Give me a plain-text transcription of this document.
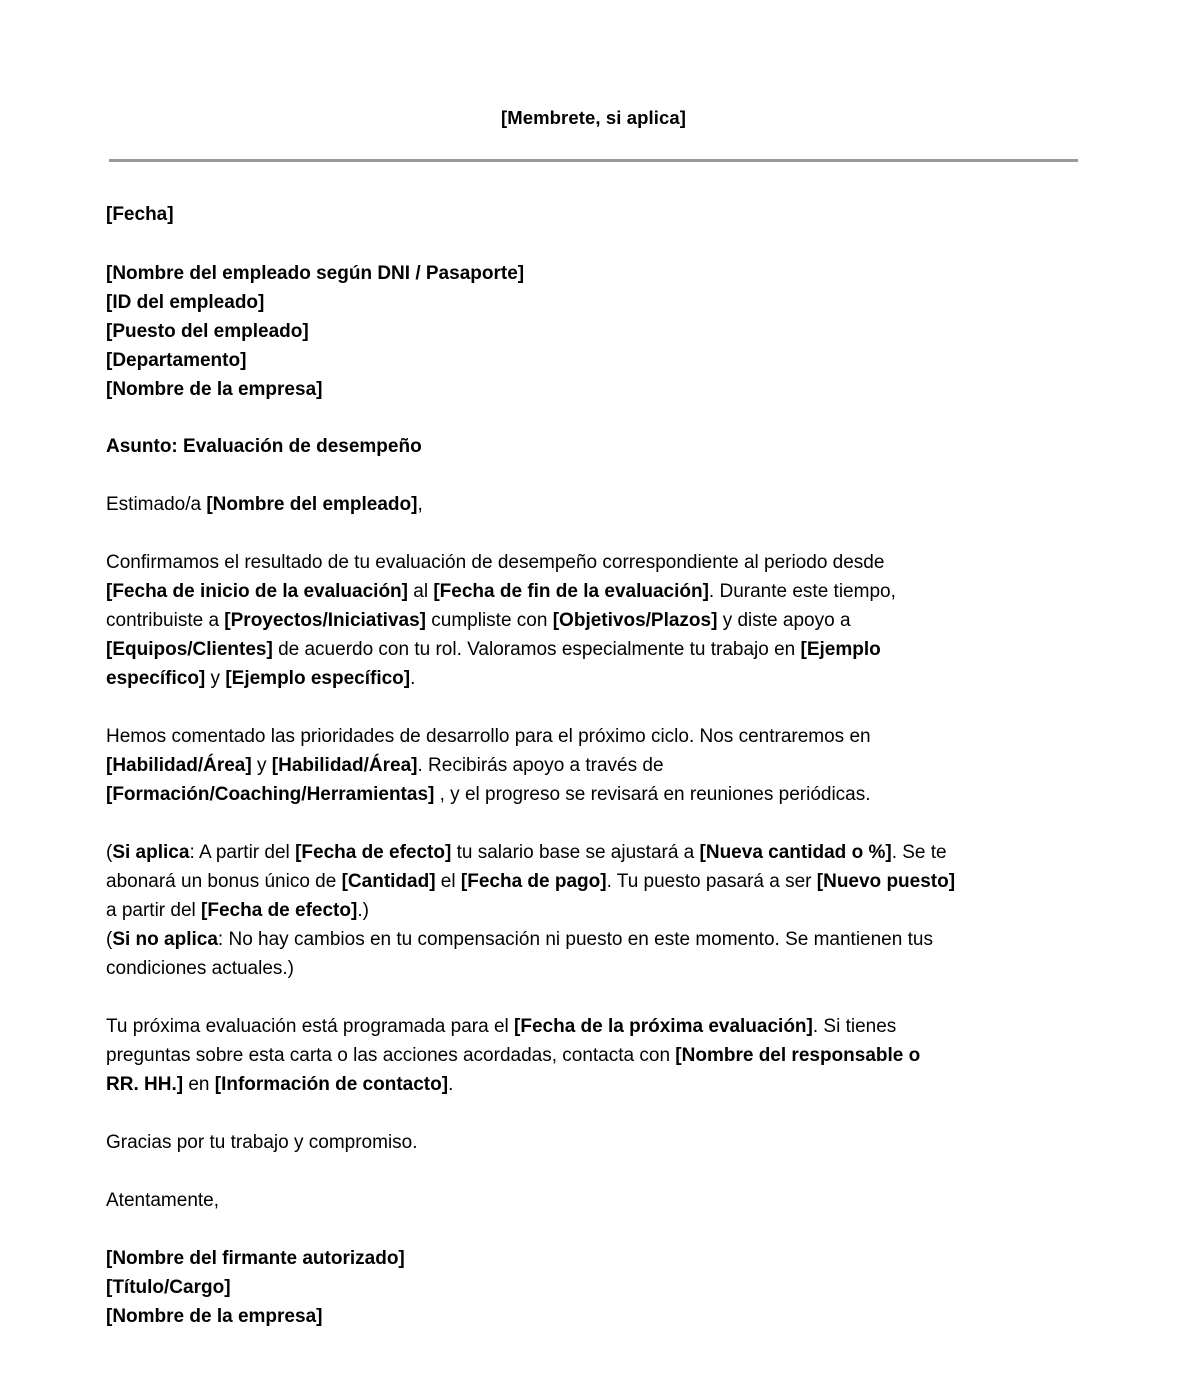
[Membrete, si aplica]

[Fecha]

[Nombre del empleado según DNI / Pasaporte]
[ID del empleado]
[Puesto del empleado]
[Departamento]
[Nombre de la empresa]

Asunto: Evaluación de desempeño

Estimado/a [Nombre del empleado],

Confirmamos el resultado de tu evaluación de desempeño correspondiente al periodo desde
[Fecha de inicio de la evaluación] al [Fecha de fin de la evaluación]. Durante este tiempo,
contribuiste a [Proyectos/Iniciativas] cumpliste con [Objetivos/Plazos] y diste apoyo a
[Equipos/Clientes] de acuerdo con tu rol. Valoramos especialmente tu trabajo en [Ejemplo
específico] y [Ejemplo específico].

Hemos comentado las prioridades de desarrollo para el próximo ciclo. Nos centraremos en
[Habilidad/Área] y [Habilidad/Área]. Recibirás apoyo a través de
[Formación/Coaching/Herramientas] , y el progreso se revisará en reuniones periódicas.

(Si aplica: A partir del [Fecha de efecto] tu salario base se ajustará a [Nueva cantidad o %]. Se te
abonará un bonus único de [Cantidad] el [Fecha de pago]. Tu puesto pasará a ser [Nuevo puesto]
a partir del [Fecha de efecto].)
(Si no aplica: No hay cambios en tu compensación ni puesto en este momento. Se mantienen tus
condiciones actuales.)

Tu próxima evaluación está programada para el [Fecha de la próxima evaluación]. Si tienes
preguntas sobre esta carta o las acciones acordadas, contacta con [Nombre del responsable o
RR. HH.] en [Información de contacto].

Gracias por tu trabajo y compromiso.

Atentamente,

[Nombre del firmante autorizado]
[Título/Cargo]
[Nombre de la empresa]
